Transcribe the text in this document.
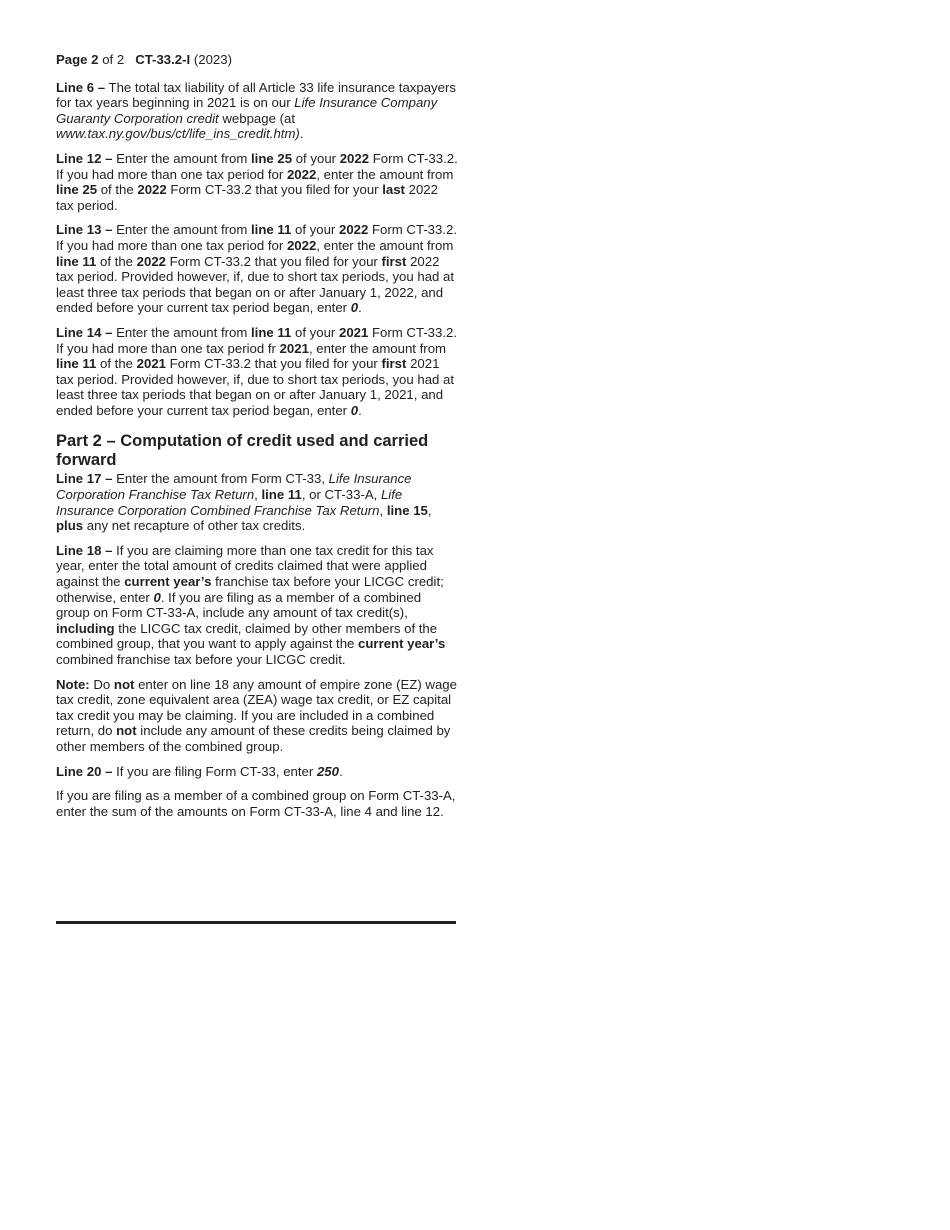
Page 2 of 2 CT-33.2-I (2023)

Line 6 – The total tax liability of all Article 33 life insurance taxpayers for tax years beginning in 2021 is on our Life Insurance Company Guaranty Corporation credit webpage (at www.tax.ny.gov/bus/ct/life_ins_credit.htm).

Line 12 – Enter the amount from line 25 of your 2022 Form CT-33.2. If you had more than one tax period for 2022, enter the amount from line 25 of the 2022 Form CT-33.2 that you filed for your last 2022 tax period.

Line 13 – Enter the amount from line 11 of your 2022 Form CT-33.2. If you had more than one tax period for 2022, enter the amount from line 11 of the 2022 Form CT-33.2 that you filed for your first 2022 tax period. Provided however, if, due to short tax periods, you had at least three tax periods that began on or after January 1, 2022, and ended before your current tax period began, enter 0.

Line 14 – Enter the amount from line 11 of your 2021 Form CT-33.2. If you had more than one tax period fr 2021, enter the amount from line 11 of the 2021 Form CT-33.2 that you filed for your first 2021 tax period. Provided however, if, due to short tax periods, you had at least three tax periods that began on or after January 1, 2021, and ended before your current tax period began, enter 0.

Part 2 – Computation of credit used and carried forward

Line 17 – Enter the amount from Form CT-33, Life Insurance Corporation Franchise Tax Return, line 11, or CT-33-A, Life Insurance Corporation Combined Franchise Tax Return, line 15, plus any net recapture of other tax credits.

Line 18 – If you are claiming more than one tax credit for this tax year, enter the total amount of credits claimed that were applied against the current year’s franchise tax before your LICGC credit; otherwise, enter 0. If you are filing as a member of a combined group on Form CT-33-A, include any amount of tax credit(s), including the LICGC tax credit, claimed by other members of the combined group, that you want to apply against the current year’s combined franchise tax before your LICGC credit.

Note: Do not enter on line 18 any amount of empire zone (EZ) wage tax credit, zone equivalent area (ZEA) wage tax credit, or EZ capital tax credit you may be claiming. If you are included in a combined return, do not include any amount of these credits being claimed by other members of the combined group.

Line 20 – If you are filing Form CT-33, enter 250.

If you are filing as a member of a combined group on Form CT-33-A, enter the sum of the amounts on Form CT-33-A, line 4 and line 12.
